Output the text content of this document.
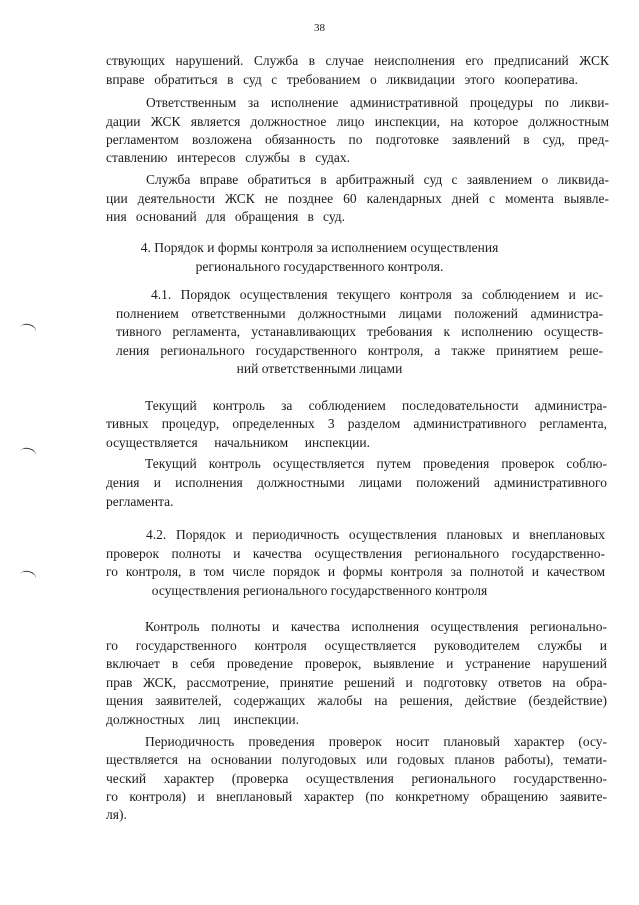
38
ствующих нарушений. Служба в случае неисполнения его предписаний ЖСК
вправе обратиться в суд с требованием о ликвидации этого кооператива.
Ответственным за исполнение административной процедуры по ликви-
дации ЖСК является должностное лицо инспекции, на которое должностным
регламентом возложена обязанность по подготовке заявлений в суд, пред-
ставлению интересов службы в судах.
Служба вправе обратиться в арбитражный суд с заявлением о ликвида-
ции деятельности ЖСК не позднее 60 календарных дней с момента выявле-
ния оснований для обращения в суд.
4. Порядок и формы контроля за исполнением осуществления
регионального государственного контроля.
4.1. Порядок осуществления текущего контроля за соблюдением и ис-
полнением ответственными должностными лицами положений администра-
тивного регламента, устанавливающих требования к исполнению осуществ-
ления регионального государственного контроля, а также принятием реше-
ний ответственными лицами
Текущий контроль за соблюдением последовательности администра-
тивных процедур, определенных 3 разделом административного регламента,
осуществляется начальником инспекции.
Текущий контроль осуществляется путем проведения проверок соблю-
дения и исполнения должностными лицами положений административного
регламента.
4.2. Порядок и периодичность осуществления плановых и внеплановых
проверок полноты и качества осуществления регионального государственно-
го контроля, в том числе порядок и формы контроля за полнотой и качеством
осуществления регионального государственного контроля
Контроль полноты и качества исполнения осуществления регионально-
го государственного контроля осуществляется руководителем службы и
включает в себя проведение проверок, выявление и устранение нарушений
прав ЖСК, рассмотрение, принятие решений и подготовку ответов на обра-
щения заявителей, содержащих жалобы на решения, действие (бездействие)
должностных лиц инспекции.
Периодичность проведения проверок носит плановый характер (осу-
ществляется на основании полугодовых или годовых планов работы), темати-
ческий характер (проверка осуществления регионального государственно-
го контроля) и внеплановый характер (по конкретному обращению заявите-
ля).
